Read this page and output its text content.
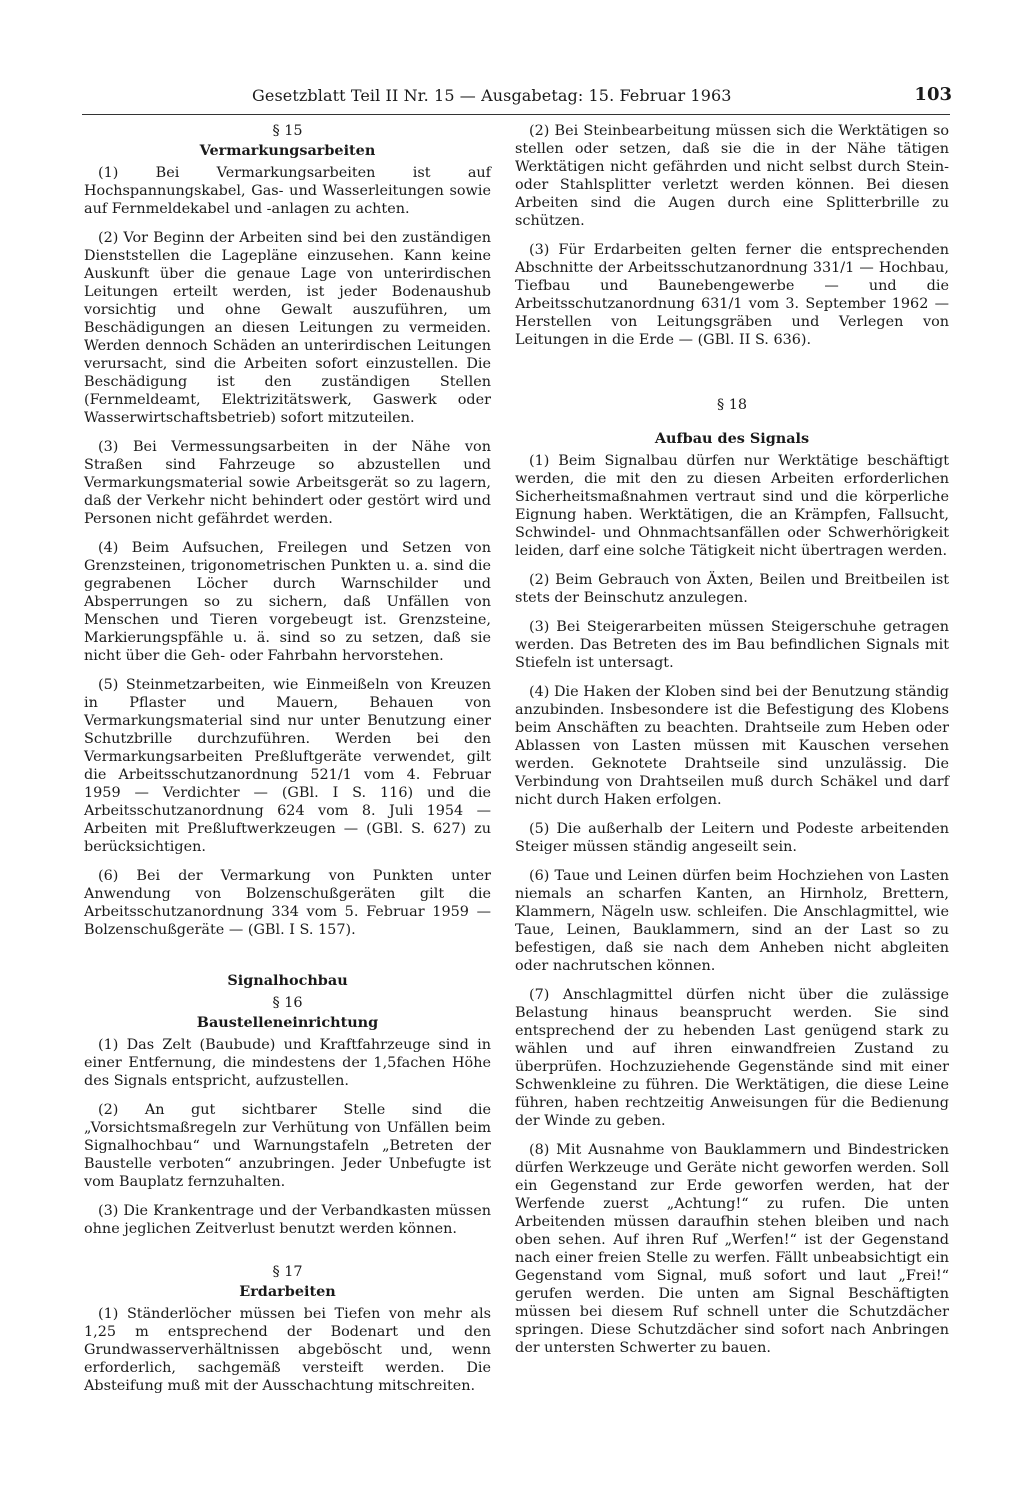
Gesetzblatt Teil II Nr. 15 — Ausgabetag: 15. Februar 1963	103
§ 15
Vermarkungsarbeiten

(1) Bei Vermarkungsarbeiten ist auf Hochspannungskabel, Gas- und Wasserleitungen sowie auf Fernmeldekabel und -anlagen zu achten.

(2) Vor Beginn der Arbeiten sind bei den zuständigen Dienststellen die Lagepläne einzusehen. Kann keine Auskunft über die genaue Lage von unterirdischen Leitungen erteilt werden, ist jeder Bodenaushub vorsichtig und ohne Gewalt auszuführen, um Beschädigungen an diesen Leitungen zu vermeiden. Werden dennoch Schäden an unterirdischen Leitungen verursacht, sind die Arbeiten sofort einzustellen. Die Beschädigung ist den zuständigen Stellen (Fernmeldeamt, Elektrizitätswerk, Gaswerk oder Wasserwirtschaftsbetrieb) sofort mitzuteilen.

(3) Bei Vermessungsarbeiten in der Nähe von Straßen sind Fahrzeuge so abzustellen und Vermarkungsmaterial sowie Arbeitsgerät so zu lagern, daß der Verkehr nicht behindert oder gestört wird und Personen nicht gefährdet werden.

(4) Beim Aufsuchen, Freilegen und Setzen von Grenzsteinen, trigonometrischen Punkten u. a. sind die gegrabenen Löcher durch Warnschilder und Absperrungen so zu sichern, daß Unfällen von Menschen und Tieren vorgebeugt ist. Grenzsteine, Markierungspfähle u. ä. sind so zu setzen, daß sie nicht über die Geh- oder Fahrbahn hervorstehen.

(5) Steinmetzarbeiten, wie Einmeißeln von Kreuzen in Pflaster und Mauern, Behauen von Vermarkungsmaterial sind nur unter Benutzung einer Schutzbrille durchzuführen. Werden bei den Vermarkungsarbeiten Preßluftgeräte verwendet, gilt die Arbeitsschutzanordnung 521/1 vom 4. Februar 1959 — Verdichter — (GBl. I S. 116) und die Arbeitsschutzanordnung 624 vom 8. Juli 1954 — Arbeiten mit Preßluftwerkzeugen — (GBl. S. 627) zu berücksichtigen.

(6) Bei der Vermarkung von Punkten unter Anwendung von Bolzenschußgeräten gilt die Arbeitsschutzanordnung 334 vom 5. Februar 1959 — Bolzenschußgeräte — (GBl. I S. 157).

Signalhochbau
§ 16
Baustelleneinrichtung

(1) Das Zelt (Baubude) und Kraftfahrzeuge sind in einer Entfernung, die mindestens der 1,5fachen Höhe des Signals entspricht, aufzustellen.

(2) An gut sichtbarer Stelle sind die „Vorsichtsmaßregeln zur Verhütung von Unfällen beim Signalhochbau“ und Warnungstafeln „Betreten der Baustelle verboten“ anzubringen. Jeder Unbefugte ist vom Bauplatz fernzuhalten.

(3) Die Krankentrage und der Verbandkasten müssen ohne jeglichen Zeitverlust benutzt werden können.

§ 17
Erdarbeiten

(1) Ständerlöcher müssen bei Tiefen von mehr als 1,25 m entsprechend der Bodenart und den Grundwasserverhältnissen abgeböscht und, wenn erforderlich, sachgemäß versteift werden. Die Absteifung muß mit der Ausschachtung mitschreiten.

(2) Bei Steinbearbeitung müssen sich die Werktätigen so stellen oder setzen, daß sie die in der Nähe tätigen Werktätigen nicht gefährden und nicht selbst durch Stein- oder Stahlsplitter verletzt werden können. Bei diesen Arbeiten sind die Augen durch eine Splitterbrille zu schützen.

(3) Für Erdarbeiten gelten ferner die entsprechenden Abschnitte der Arbeitsschutzanordnung 331/1 — Hochbau, Tiefbau und Baunebengewerbe — und die Arbeitsschutzanordnung 631/1 vom 3. September 1962 — Herstellen von Leitungsgräben und Verlegen von Leitungen in die Erde — (GBl. II S. 636).

§ 18
Aufbau des Signals

(1) Beim Signalbau dürfen nur Werktätige beschäftigt werden, die mit den zu diesen Arbeiten erforderlichen Sicherheitsmaßnahmen vertraut sind und die körperliche Eignung haben. Werktätigen, die an Krämpfen, Fallsucht, Schwindel- und Ohnmachtsanfällen oder Schwerhörigkeit leiden, darf eine solche Tätigkeit nicht übertragen werden.

(2) Beim Gebrauch von Äxten, Beilen und Breitbeilen ist stets der Beinschutz anzulegen.

(3) Bei Steigerarbeiten müssen Steigerschuhe getragen werden. Das Betreten des im Bau befindlichen Signals mit Stiefeln ist untersagt.

(4) Die Haken der Kloben sind bei der Benutzung ständig anzubinden. Insbesondere ist die Befestigung des Klobens beim Anschäften zu beachten. Drahtseile zum Heben oder Ablassen von Lasten müssen mit Kauschen versehen werden. Geknotete Drahtseile sind unzulässig. Die Verbindung von Drahtseilen muß durch Schäkel und darf nicht durch Haken erfolgen.

(5) Die außerhalb der Leitern und Podeste arbeitenden Steiger müssen ständig angeseilt sein.

(6) Taue und Leinen dürfen beim Hochziehen von Lasten niemals an scharfen Kanten, an Hirnholz, Brettern, Klammern, Nägeln usw. schleifen. Die Anschlagmittel, wie Taue, Leinen, Bauklammern, sind an der Last so zu befestigen, daß sie nach dem Anheben nicht abgleiten oder nachrutschen können.

(7) Anschlagmittel dürfen nicht über die zulässige Belastung hinaus beansprucht werden. Sie sind entsprechend der zu hebenden Last genügend stark zu wählen und auf ihren einwandfreien Zustand zu überprüfen. Hochzuziehende Gegenstände sind mit einer Schwenkleine zu führen. Die Werktätigen, die diese Leine führen, haben rechtzeitig Anweisungen für die Bedienung der Winde zu geben.

(8) Mit Ausnahme von Bauklammern und Bindestricken dürfen Werkzeuge und Geräte nicht geworfen werden. Soll ein Gegenstand zur Erde geworfen werden, hat der Werfende zuerst „Achtung!“ zu rufen. Die unten Arbeitenden müssen daraufhin stehen bleiben und nach oben sehen. Auf ihren Ruf „Werfen!“ ist der Gegenstand nach einer freien Stelle zu werfen. Fällt unbeabsichtigt ein Gegenstand vom Signal, muß sofort und laut „Frei!“ gerufen werden. Die unten am Signal Beschäftigten müssen bei diesem Ruf schnell unter die Schutzdächer springen. Diese Schutzdächer sind sofort nach Anbringen der untersten Schwerter zu bauen.
